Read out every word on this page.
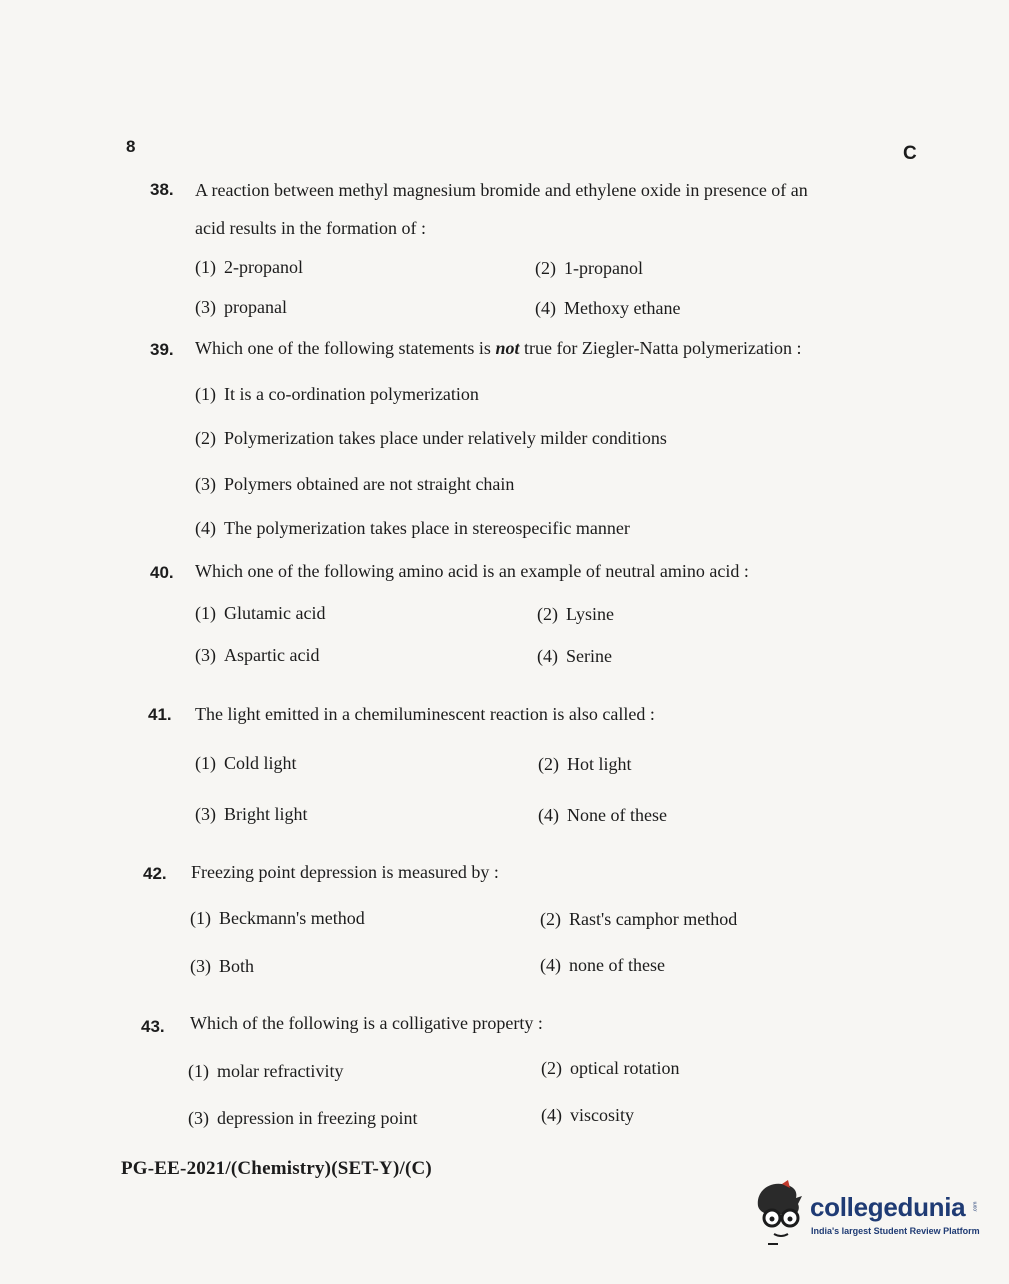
8	C
38. A reaction between methyl magnesium bromide and ethylene oxide in presence of an
acid results in the formation of :
(1) 2-propanol	(2) 1-propanol
(3) propanal	(4) Methoxy ethane
39. Which one of the following statements is not true for Ziegler-Natta polymerization :
(1) It is a co-ordination polymerization
(2) Polymerization takes place under relatively milder conditions
(3) Polymers obtained are not straight chain
(4) The polymerization takes place in stereospecific manner
40. Which one of the following amino acid is an example of neutral amino acid :
(1) Glutamic acid	(2) Lysine
(3) Aspartic acid	(4) Serine
41. The light emitted in a chemiluminescent reaction is also called :
(1) Cold light	(2) Hot light
(3) Bright light	(4) None of these
42. Freezing point depression is measured by :
(1) Beckmann's method	(2) Rast's camphor method
(3) Both	(4) none of these
43. Which of the following is a colligative property :
(1) molar refractivity	(2) optical rotation
(3) depression in freezing point	(4) viscosity
PG-EE-2021/(Chemistry)(SET-Y)/(C)
collegedunia .com
India's largest Student Review Platform
